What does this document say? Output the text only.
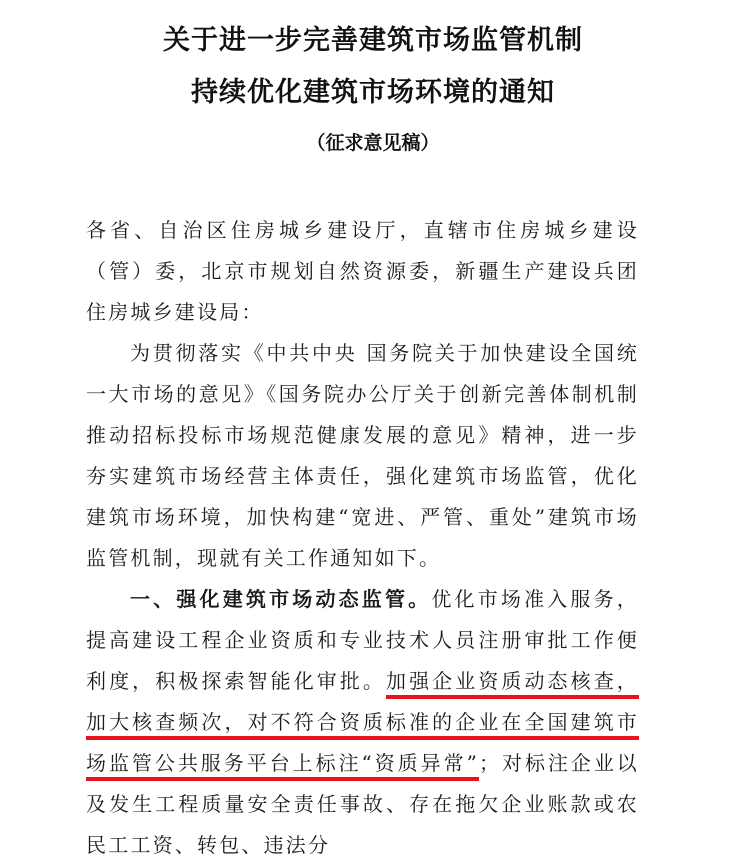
关于进一步完善建筑市场监管机制
持续优化建筑市场环境的通知
（征求意见稿）

各省、自治区住房城乡建设厅，直辖市住房城乡建设（管）委，北京市规划自然资源委，新疆生产建设兵团住房城乡建设局：

为贯彻落实《中共中央 国务院关于加快建设全国统一大市场的意见》《国务院办公厅关于创新完善体制机制 推动招标投标市场规范健康发展的意见》精神，进一步夯实建筑市场经营主体责任，强化建筑市场监管，优化建筑市场环境，加快构建“宽进、严管、重处”建筑市场监管机制，现就有关工作通知如下。

一、强化建筑市场动态监管。优化市场准入服务，提高建设工程企业资质和专业技术人员注册审批工作便利度，积极探索智能化审批。加强企业资质动态核查，加大核查频次，对不符合资质标准的企业在全国建筑市场监管公共服务平台上标注“资质异常”；对标注企业以及发生工程质量安全责任事故、存在拖欠企业账款或农民工工资、转包、违法分
